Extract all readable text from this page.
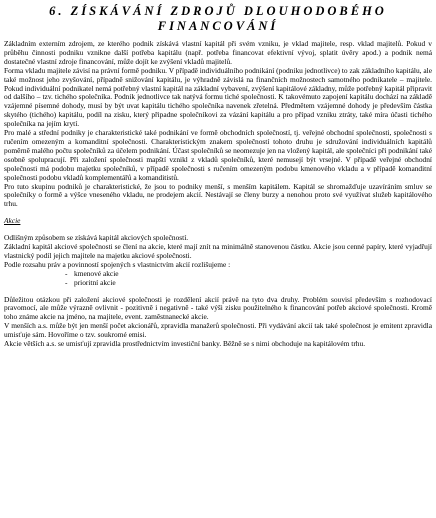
6. ZÍSKÁVÁNÍ ZDROJŮ DLOUHODOBÉHO
FINANCOVÁNÍ

Základním externím zdrojem, ze kterého podnik získává vlastní kapitál při svém vzniku, je vklad majitele, resp. vklad majitelů. Pokud v průběhu činnosti podniku vznikne další potřeba kapitálu (např. potřeba financovat efektivní vývoj, splatit úvěry apod.) a podnik nemá dostatečné vlastní zdroje financování, může dojít ke zvýšení vkladů majitelů.

Forma vkladu majitele závisí na právní formě podniku. V případě individuálního podnikání (podniku jednotlivce) to zak základního kapitálu, ale také možnost jeho zvyšování, případně snižování kapitálu, je výhradně závislá na finančních možnostech samotného podnikatele – majitele. Pokud individuální podnikatel nemá potřebný vlastní kapitál na základní vybavení, zvýšení kapitálové základny, může potřebný kapitál připravit od dalšího – tzv. tichého společníka. Podnik jednotlivce tak natývá formu tiché společnosti. K takovémuto zapojení kapitálu dochází na základě vzájemné písemné dohody, musí by být uvat kapitálu tichého společníka navenek zřetelná. Předmětem vzájemné dohody je především částka skytého (tichého) kapitálu, podíl na zisku, který připadne společníkovi za vázání kapitálu a pro případ vzniku ztráty, také míra účasti tichého společníka na jejím krytí.

Pro malé a střední podniky je charakteristické také podnikání ve formě obchodních společností, tj. veřejné obchodní společnosti, společnosti s ručením omezeným a komanditní společnosti. Charakteristickým znakem společností tohoto druhu je sdružování individuálních kapitálů poměrně malého počtu společníků za účelem podnikání. Účast společníků se neomezuje jen na vložený kapitál, ale společníci při podnikání také osobně spolupracují. Při založení společnosti mapští vznikl z vkladů společníků, které nemusejí být vrsejné. V případě veřejné obchodní společnosti má podobu majetku společníků, v případě společnosti s ručením omezeným podobu kmenového vkladu a v případě komanditní společnosti podobu vkladů komplementářů a komanditistů.

Pro tuto skupinu podniků je charakteristické, že jsou to podniky menší, s menším kapitálem. Kapitál se shromažďuje uzavíráním smluv se společníky o formě a výšce vneseného vkladu, ne prodejem akcií. Nestávají se členy burzy a nenohou proto své využívat služeb kapitálového trhu.

Akcie

Odlišným způsobem se získává kapitál akciových společností.

Základní kapitál akciové společnosti se člení na akcie, které mají znít na minimálně stanovenou částku. Akcie jsou cenné papíry, které vyjadřují vlastnický podíl jejich majitele na majetku akciové společnosti.

Podle rozsahu práv a povinností spojených s vlastnictvím akcií rozlišujeme :

- kmenové akcie
- prioritní akcie

Důležitou otázkou při založení akciové společnosti je rozdělení akcií právě na tyto dva druhy. Problém souvisí především s rozhodovací pravomocí, ale může výrazně ovlivnit - pozitivně i negativně - také výši zisku použitelného k financování potřeb akciové společnosti. Kromě toho známe akcie na jméno, na majitele, event. zaměstnanecké akcie.

V menších a.s. může být jen menší počet akcionářů, zpravidla manažerů společnosti. Při vydávání akcií tak také společnost je emitent zpravidla umisťuje sám. Hovoříme o tzv. soukromé emisi.

Akcie větších a.s. se umisťují zpravidla prostřednictvím investiční banky. Běžně se s nimi obchoduje na kapitálovém trhu.
